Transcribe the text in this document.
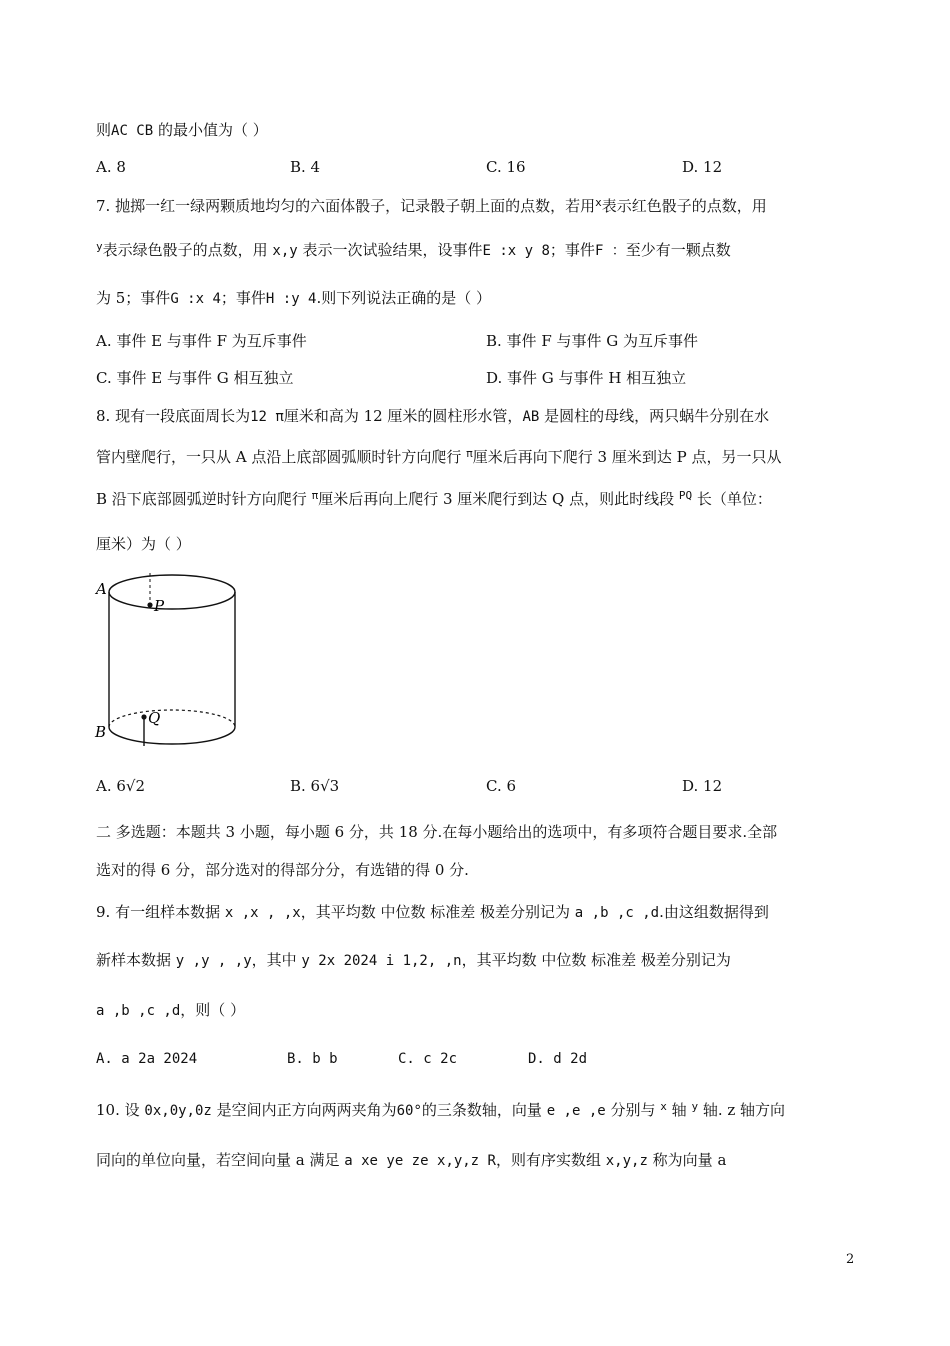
则AC CB 的最小值为（ ）
A. 8	B. 4	C. 16	D. 12
7. 抛掷一红一绿两颗质地均匀的六面体骰子，记录骰子朝上面的点数，若用$^x$表示红色骰子的点数，用
$^y$表示绿色骰子的点数，用 x,y 表示一次试验结果，设事件E :x y 8；事件F ：至少有一颗点数
为 5；事件G :x 4；事件H :y 4.则下列说法正确的是（ ）
A. 事件 E 与事件 F 为互斥事件	B. 事件 F 与事件 G 为互斥事件
C. 事件 E 与事件 G 相互独立	D. 事件 G 与事件 H 相互独立
8. 现有一段底面周长为12 π厘米和高为 12 厘米的圆柱形水管，AB 是圆柱的母线，两只蜗牛分别在水
管内壁爬行，一只从 A 点沿上底部圆弧顺时针方向爬行 $^\pi$厘米后再向下爬行 3 厘米到达 P 点，另一只从
B 沿下底部圆弧逆时针方向爬行 $^\pi$厘米后再向上爬行 3 厘米爬行到达 Q 点，则此时线段 $^{PQ}$ 长（单位：
厘米）为（ ）
A
P
B
Q
A. 6√2	B. 6√3	C. 6	D. 12
二 多选题：本题共 3 小题，每小题 6 分，共 18 分.在每小题给出的选项中，有多项符合题目要求.全部
选对的得 6 分，部分选对的得部分分，有选错的得 0 分.
9. 有一组样本数据 x ,x , ,x，其平均数 中位数 标准差 极差分别记为 a ,b ,c ,d.由这组数据得到
新样本数据 y ,y , ,y，其中 y 2x 2024 i 1,2, ,n，其平均数 中位数 标准差 极差分别记为
a ,b ,c ,d，则（ ）
A. a 2a 2024	B. b b	C. c 2c	D. d 2d
10. 设 0x,0y,0z 是空间内正方向两两夹角为60°的三条数轴，向量 e ,e ,e 分别与 $^x$ 轴 $^y$ 轴. z 轴方向
同向的单位向量，若空间向量 a 满足 a xe ye ze x,y,z R，则有序实数组 x,y,z 称为向量 a
2
